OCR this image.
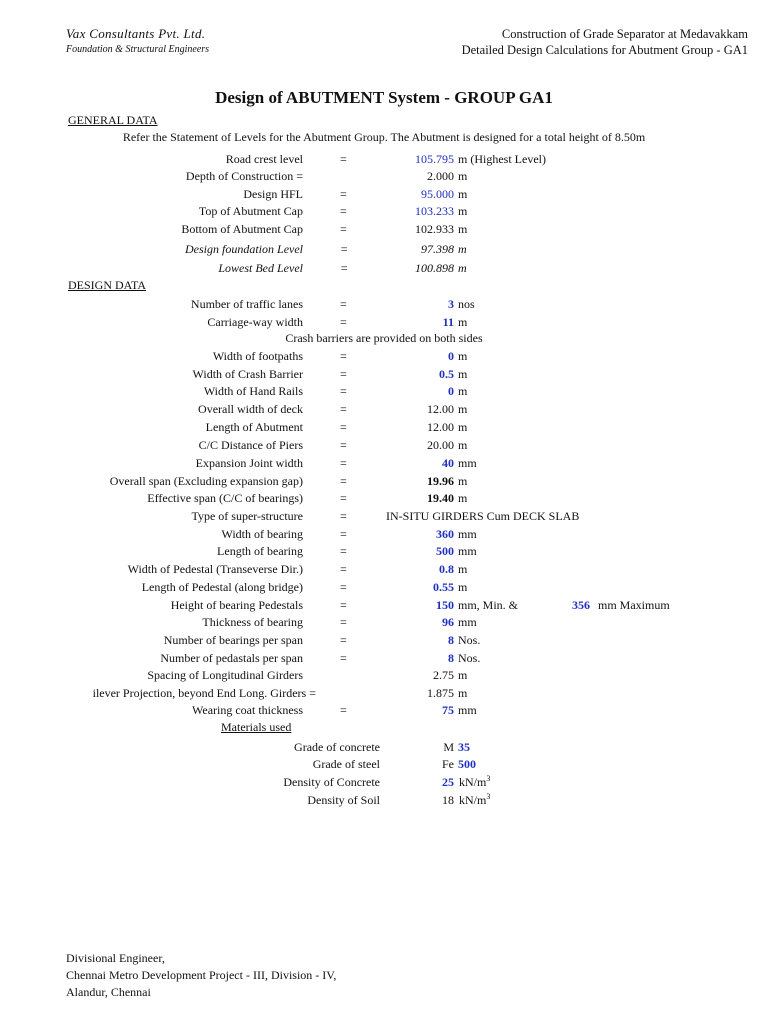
Vax Consultants Pvt. Ltd.
Foundation & Structural Engineers
Construction of Grade Separator at Medavakkam
Detailed Design Calculations for Abutment Group - GA1
Design of ABUTMENT System - GROUP GA1
GENERAL DATA
Refer the Statement of Levels for the Abutment Group. The Abutment is designed for a total height of 8.50m
Road crest level	=	105.795 m (Highest Level)
Depth of Construction =	2.000 m
Design HFL	=	95.000 m
Top of Abutment Cap	=	103.233 m
Bottom of Abutment Cap	=	102.933 m
Design foundation Level	=	97.398 m
Lowest Bed Level	=	100.898 m
DESIGN DATA
Number of traffic lanes	=	3 nos
Carriage-way width	=	11 m
Crash barriers are provided on both sides
Width of footpaths	=	0 m
Width of Crash Barrier	=	0.5 m
Width of Hand Rails	=	0 m
Overall width of deck	=	12.00 m
Length of Abutment	=	12.00 m
C/C Distance of Piers	=	20.00 m
Expansion Joint width	=	40 mm
Overall span (Excluding expansion gap)	=	19.96 m
Effective span (C/C of bearings)	=	19.40 m
Type of super-structure	=	IN-SITU GIRDERS Cum DECK SLAB
Width of bearing	=	360 mm
Length of bearing	=	500 mm
Width of Pedestal (Transeverse Dir.)	=	0.8 m
Length of Pedestal (along bridge)	=	0.55 m
Height of bearing Pedestals	=	150 mm, Min. &	356 mm Maximum
Thickness of bearing	=	96 mm
Number of bearings per span	=	8 Nos.
Number of pedastals per span	=	8 Nos.
Spacing of Longitudinal Girders	2.75 m
ilever Projection, beyond End Long. Girders =	1.875 m
Wearing coat thickness	=	75 mm
Materials used
Grade of concrete	M 35
Grade of steel	Fe 500
Density of Concrete	25 $kN/m^3$
Density of Soil	18 $kN/m^3$
Divisional Engineer,
Chennai Metro Development Project - III, Division - IV,
Alandur, Chennai
